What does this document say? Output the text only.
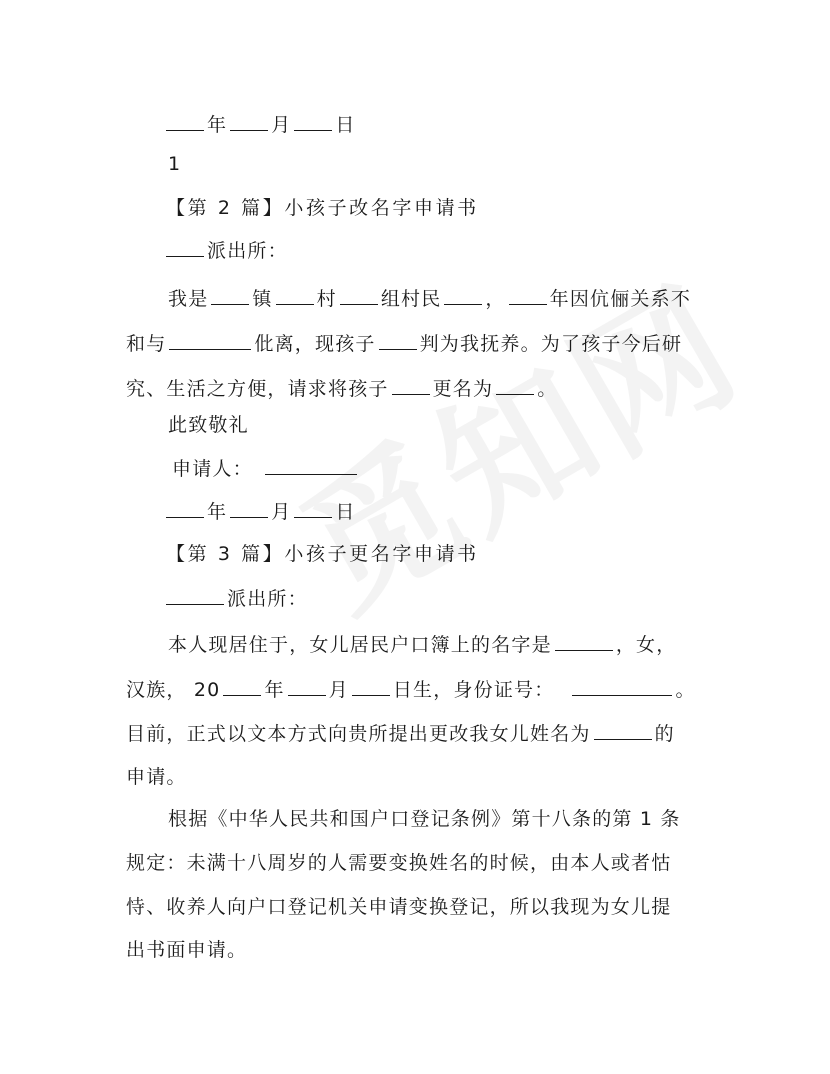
年 月 日
1
【第 2 篇】小孩子改名字申请书
派出所：
我是 镇 村 组村民 ， 年因伉俪关系不
和与	仳离，现孩子 判为我抚养。为了孩子今后研
究、生活之方便，请求将孩子 更名为 。
此致敬礼
申请人：
年 月 日
【第 3 篇】小孩子更名字申请书
派出所：
本人现居住于，女儿居民户口簿上的名字是	，女，
汉族， 20 年 月 日生，身份证号：	。
目前，正式以文本方式向贵所提出更改我女儿姓名为	的
申请。
根据《中华人民共和国户口登记条例》第十八条的第 1 条
规定：未满十八周岁的人需要变换姓名的时候，由本人或者怙
恃、收养人向户口登记机关申请变换登记，所以我现为女儿提
出书面申请。
